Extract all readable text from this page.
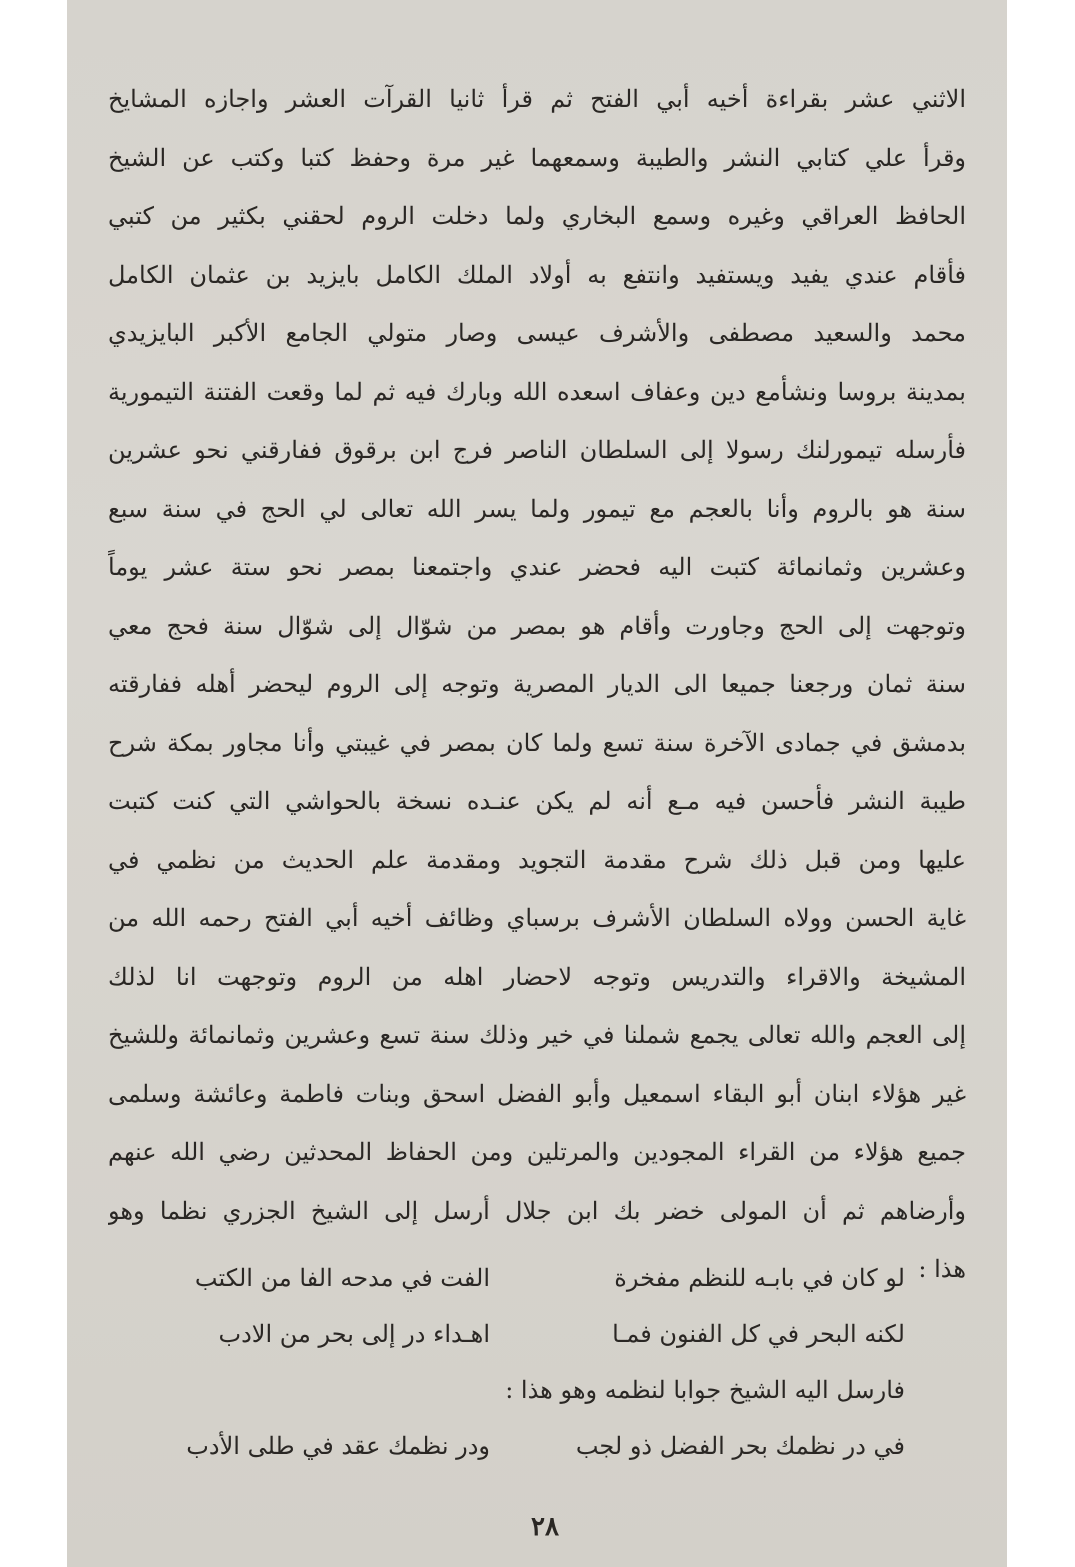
الاثني عشر بقراءة أخيه أبي الفتح ثم قرأ ثانيا القرآت العشر واجازه المشايخ
وقرأ علي كتابي النشر والطيبة وسمعهما غير مرة وحفظ كتبا وكتب عن الشيخ
الحافظ العراقي وغيره وسمع البخاري ولما دخلت الروم لحقني بكثير من كتبي
فأقام عندي يفيد ويستفيد وانتفع به أولاد الملك الكامل بايزيد بن عثمان الكامل
محمد والسعيد مصطفى والأشرف عيسى وصار متولي الجامع الأكبر البايزيدي
بمدينة بروسا ونشأمع دين وعفاف اسعده الله وبارك فيه ثم لما وقعت الفتنة التيمورية
فأرسله تيمورلنك رسولا إلى السلطان الناصر فرج ابن برقوق ففارقني نحو عشرين
سنة هو بالروم وأنا بالعجم مع تيمور ولما يسر الله تعالى لي الحج في سنة سبع
وعشرين وثمانمائة كتبت اليه فحضر عندي واجتمعنا بمصر نحو ستة عشر يوماً
وتوجهت إلى الحج وجاورت وأقام هو بمصر من شوّال إلى شوّال سنة فحج معي
سنة ثمان ورجعنا جميعا الى الديار المصرية وتوجه إلى الروم ليحضر أهله ففارقته
بدمشق في جمادى الآخرة سنة تسع ولما كان بمصر في غيبتي وأنا مجاور بمكة شرح
طيبة النشر فأحسن فيه مـع أنه لم يكن عنـده نسخة بالحواشي التي كنت كتبت
عليها ومن قبل ذلك شرح مقدمة التجويد ومقدمة علم الحديث من نظمي في
غاية الحسن وولاه السلطان الأشرف برسباي وظائف أخيه أبي الفتح رحمه الله من
المشيخة والاقراء والتدريس وتوجه لاحضار اهله من الروم وتوجهت انا لذلك
إلى العجم والله تعالى يجمع شملنا في خير وذلك سنة تسع وعشرين وثمانمائة وللشيخ
غير هؤلاء ابنان أبو البقاء اسمعيل وأبو الفضل اسحق وبنات فاطمة وعائشة وسلمى
جميع هؤلاء من القراء المجودين والمرتلين ومن الحفاظ المحدثين رضي الله عنهم
وأرضاهم ثم أن المولى خضر بك ابن جلال أرسل إلى الشيخ الجزري نظما وهو
هذا :
لو كان في بابـه للنظم مفخرة
الفت في مدحه الفا من الكتب
لكنه البحر في كل الفنون فمـا
اهـداء در إلى بحر من الادب
فارسل اليه الشيخ جوابا لنظمه وهو هذا :
في در نظمك بحر الفضل ذو لجب
ودر نظمك عقد في طلى الأدب
٢٨
